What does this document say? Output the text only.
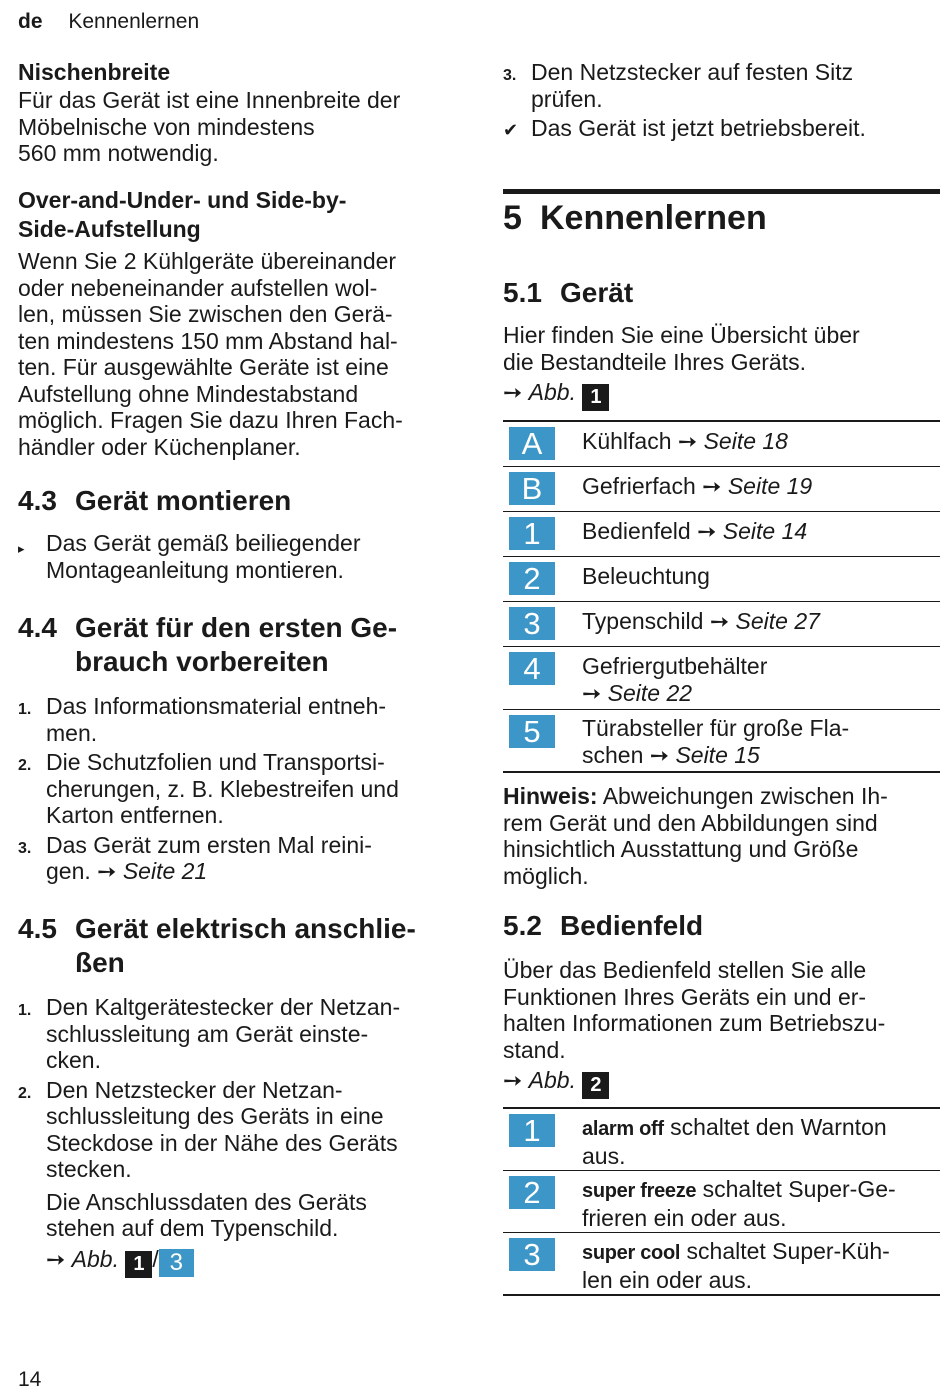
de Kennenlernen
Nischenbreite
Für das Gerät ist eine Innenbreite der
Möbelnische von mindestens
560 mm notwendig.
Over-and-Under- und Side-by-
Side-Aufstellung
Wenn Sie 2 Kühlgeräte übereinander
oder nebeneinander aufstellen wol-
len, müssen Sie zwischen den Gerä-
ten mindestens 150 mm Abstand hal-
ten. Für ausgewählte Geräte ist eine
Aufstellung ohne Mindestabstand
möglich. Fragen Sie dazu Ihren Fach-
händler oder Küchenplaner.
4.3 Gerät montieren
▸ Das Gerät gemäß beiliegender
Montageanleitung montieren.
4.4 Gerät für den ersten Ge-
brauch vorbereiten
1. Das Informationsmaterial entneh-
men.
2. Die Schutzfolien und Transportsi-
cherungen, z. B. Klebestreifen und
Karton entfernen.
3. Das Gerät zum ersten Mal reini-
gen. ➙ Seite 21
4.5 Gerät elektrisch anschlie-
ßen
1. Den Kaltgerätestecker der Netzan-
schlussleitung am Gerät einste-
cken.
2. Den Netzstecker der Netzan-
schlussleitung des Geräts in eine
Steckdose in der Nähe des Geräts
stecken.
Die Anschlussdaten des Geräts
stehen auf dem Typenschild.
➙ Abb. 1 / 3
3. Den Netzstecker auf festen Sitz
prüfen.
✔ Das Gerät ist jetzt betriebsbereit.
5 Kennenlernen
5.1 Gerät
Hier finden Sie eine Übersicht über
die Bestandteile Ihres Geräts.
➙ Abb. 1
A	Kühlfach ➙ Seite 18
B	Gefrierfach ➙ Seite 19
1	Bedienfeld ➙ Seite 14
2	Beleuchtung
3	Typenschild ➙ Seite 27
4	Gefriergutbehälter
➙ Seite 22
5	Türabsteller für große Fla-
schen ➙ Seite 15
Hinweis: Abweichungen zwischen Ih-
rem Gerät und den Abbildungen sind
hinsichtlich Ausstattung und Größe
möglich.
5.2 Bedienfeld
Über das Bedienfeld stellen Sie alle
Funktionen Ihres Geräts ein und er-
halten Informationen zum Betriebszu-
stand.
➙ Abb. 2
1	alarm off schaltet den Warnton
aus.
2	super freeze schaltet Super-Ge-
frieren ein oder aus.
3	super cool schaltet Super-Küh-
len ein oder aus.
14
